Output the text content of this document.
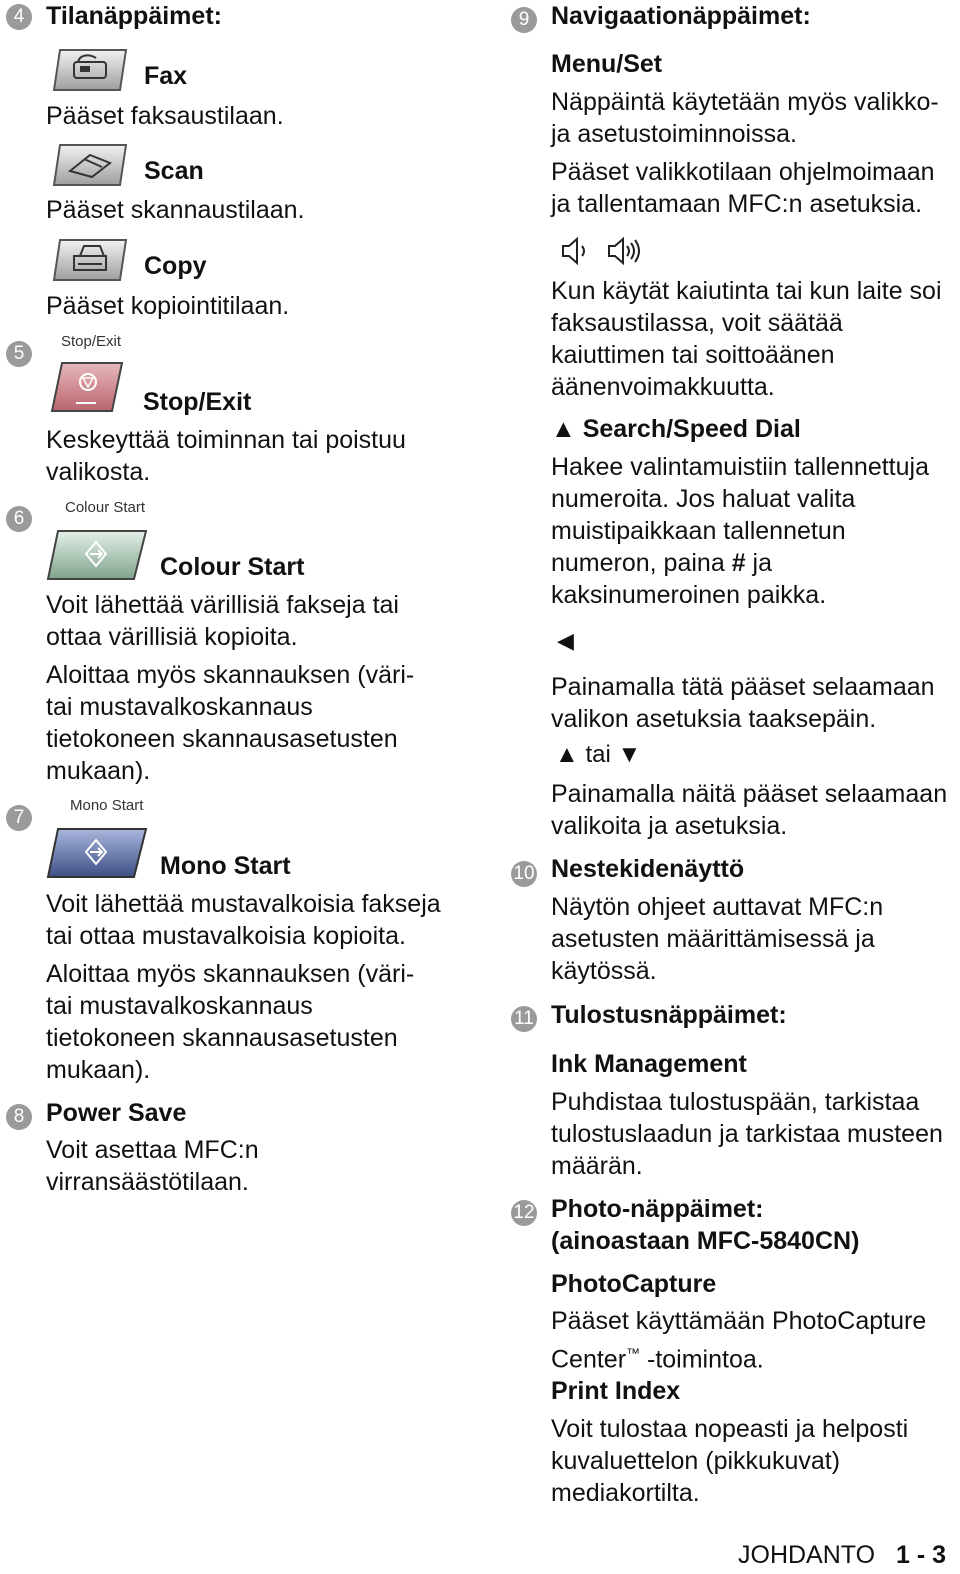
4 Tilanäppäimet:
Fax
Pääset faksaustilaan.
Scan
Pääset skannaustilaan.
Copy
Pääset kopiointitilaan.
5
Stop/Exit
Stop/Exit
Keskeyttää toiminnan tai poistuu
valikosta.
6
Colour Start
Colour Start
Voit lähettää värillisiä fakseja tai
ottaa värillisiä kopioita.
Aloittaa myös skannauksen (väri-
tai mustavalkoskannaus
tietokoneen skannausasetusten
mukaan).
7
Mono Start
Mono Start
Voit lähettää mustavalkoisia fakseja
tai ottaa mustavalkoisia kopioita.
Aloittaa myös skannauksen (väri-
tai mustavalkoskannaus
tietokoneen skannausasetusten
mukaan).
8 Power Save
Voit asettaa MFC:n
virransäästötilaan.
9 Navigaationäppäimet:
Menu/Set
Näppäintä käytetään myös valikko-
ja asetustoiminnoissa.
Pääset valikkotilaan ohjelmoimaan
ja tallentamaan MFC:n asetuksia.
Kun käytät kaiutinta tai kun laite soi
faksaustilassa, voit säätää
kaiuttimen tai soittoäänen
äänenvoimakkuutta.
▲ Search/Speed Dial
Hakee valintamuistiin tallennettuja
numeroita. Jos haluat valita
muistipaikkaan tallennetun
numeron, paina # ja
kaksinumeroinen paikka.
◀
Painamalla tätä pääset selaamaan
valikon asetuksia taaksepäin.
▲ tai ▼
Painamalla näitä pääset selaamaan
valikoita ja asetuksia.
10 Nestekidenäyttö
Näytön ohjeet auttavat MFC:n
asetusten määrittämisessä ja
käytössä.
11 Tulostusnäppäimet:
Ink Management
Puhdistaa tulostuspään, tarkistaa
tulostuslaadun ja tarkistaa musteen
määrän.
12 Photo-näppäimet:
(ainoastaan MFC-5840CN)
PhotoCapture
Pääset käyttämään PhotoCapture
Center™ -toimintoa.
Print Index
Voit tulostaa nopeasti ja helposti
kuvaluettelon (pikkukuvat)
mediakortilta.
JOHDANTO 1 - 3
